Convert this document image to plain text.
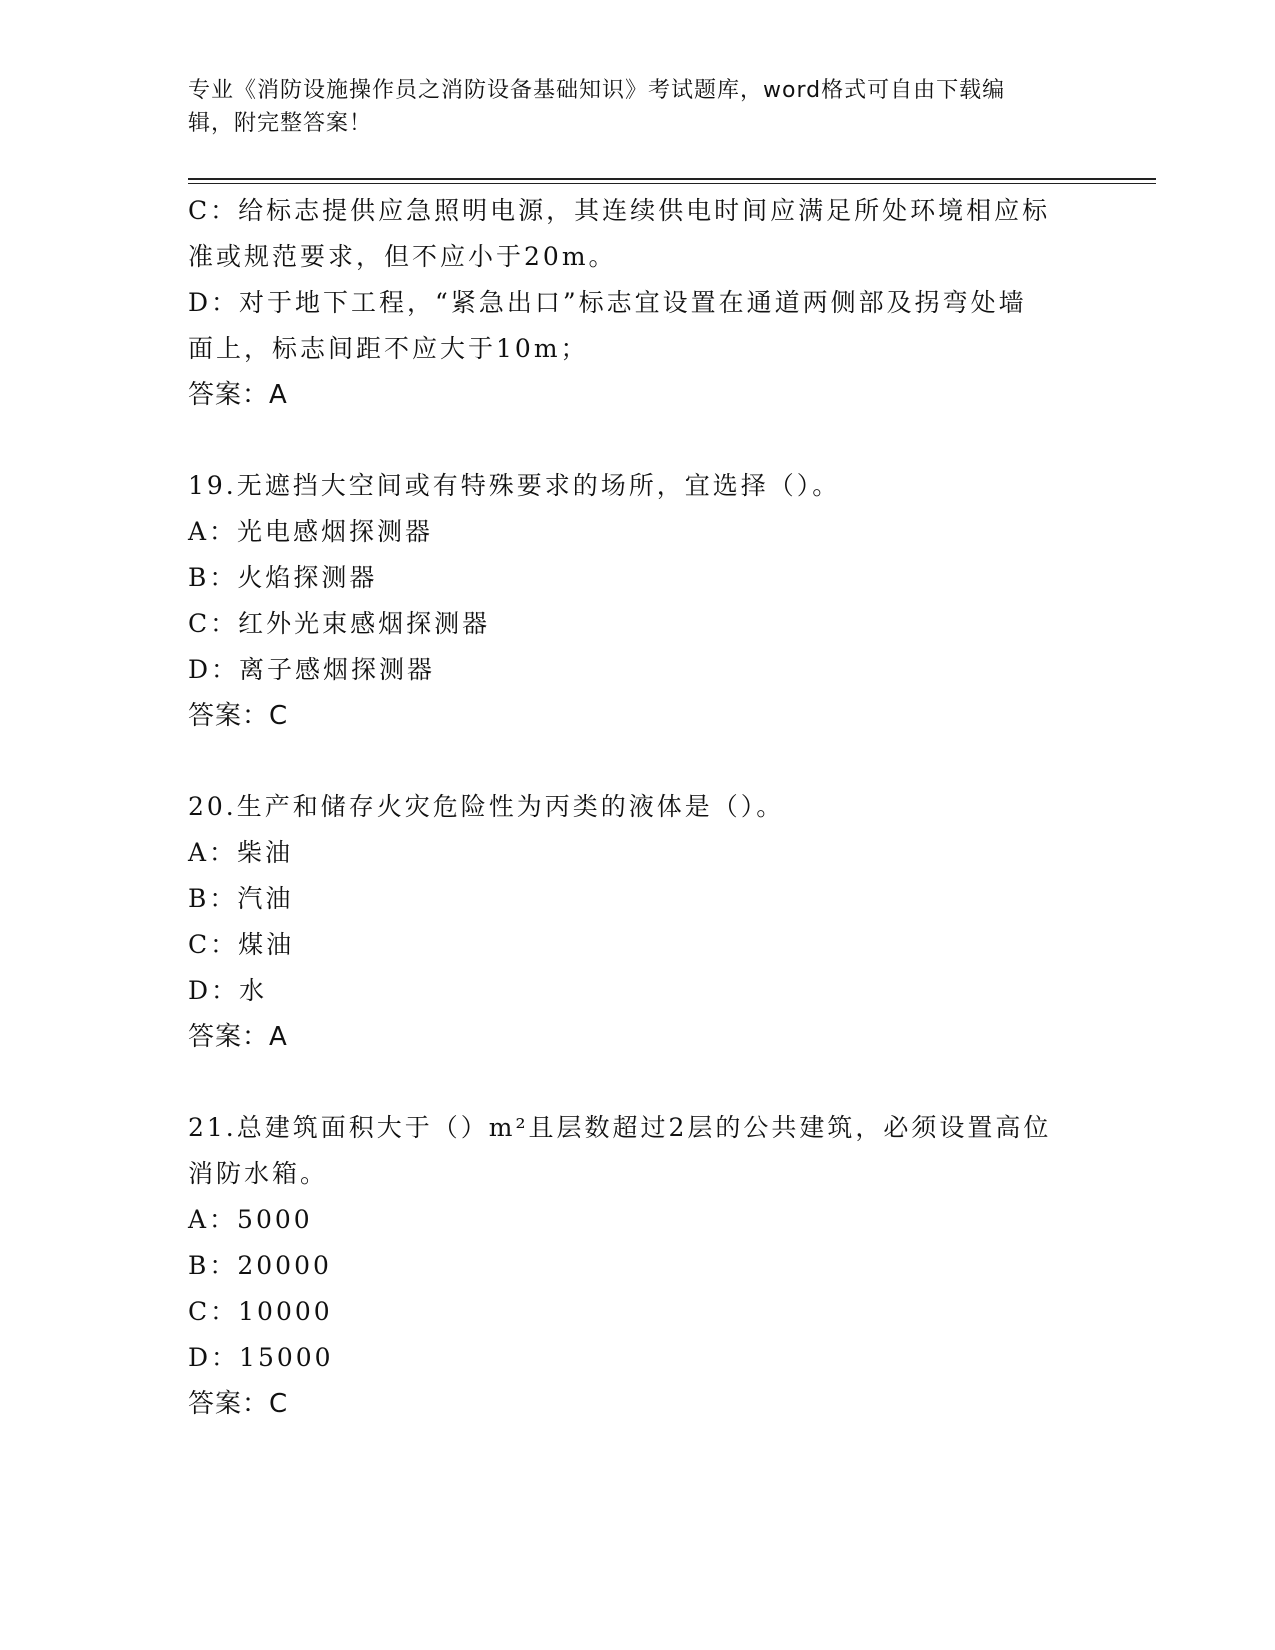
专业《消防设施操作员之消防设备基础知识》考试题库，word格式可自由下载编
辑，附完整答案！
C：给标志提供应急照明电源，其连续供电时间应满足所处环境相应标
准或规范要求，但不应小于20m。
D：对于地下工程，“紧急出口”标志宜设置在通道两侧部及拐弯处墙
面上，标志间距不应大于10m；
答案：A
19.无遮挡大空间或有特殊要求的场所，宜选择（）。
A：光电感烟探测器
B：火焰探测器
C：红外光束感烟探测器
D：离子感烟探测器
答案：C
20.生产和储存火灾危险性为丙类的液体是（）。
A：柴油
B：汽油
C：煤油
D：水
答案：A
21.总建筑面积大于（）m²且层数超过2层的公共建筑，必须设置高位
消防水箱。
A：5000
B：20000
C：10000
D：15000
答案：C
